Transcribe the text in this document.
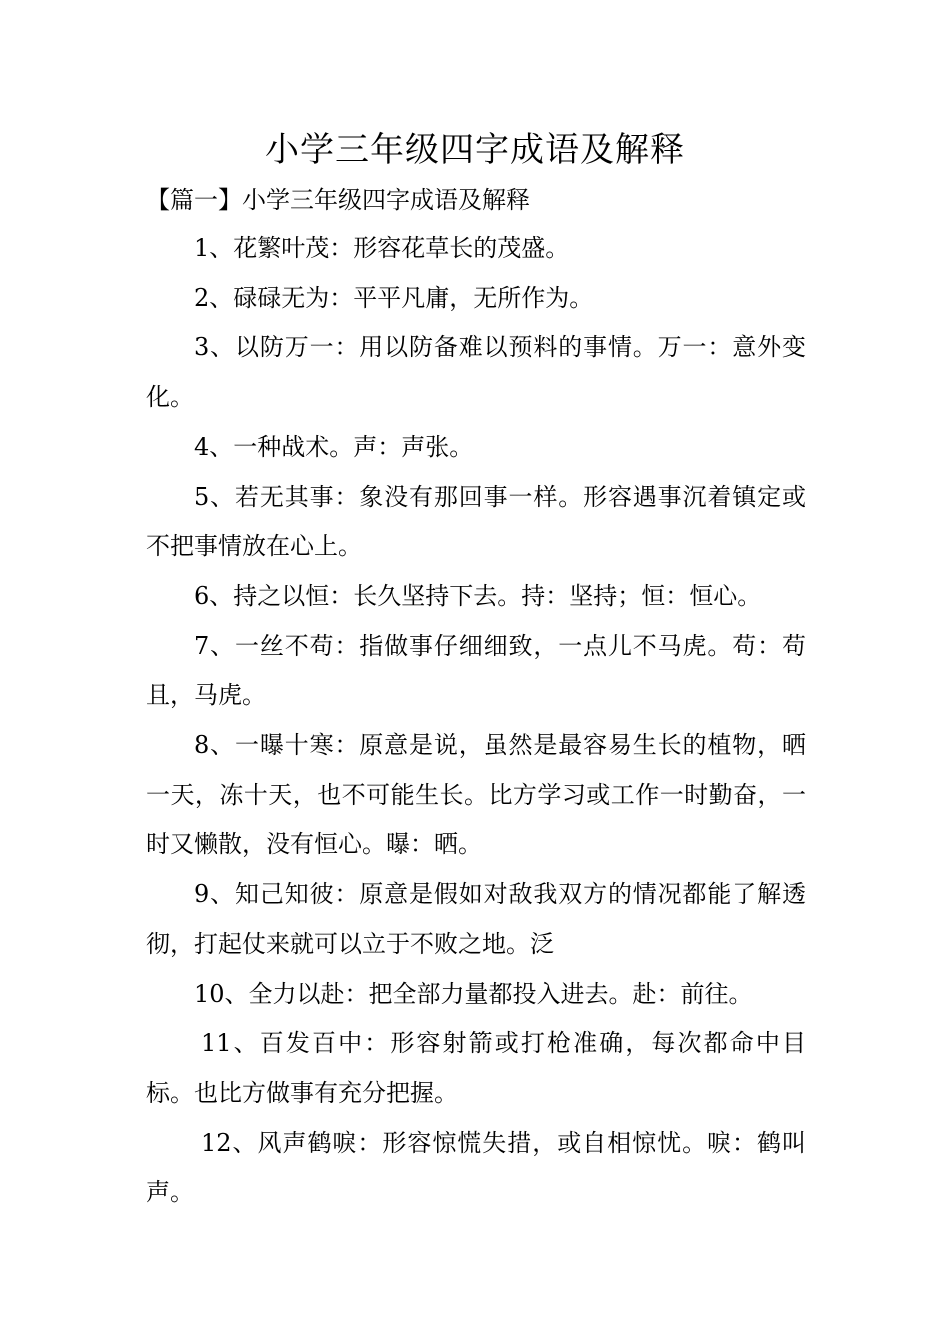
小学三年级四字成语及解释

【篇一】小学三年级四字成语及解释

1、花繁叶茂：形容花草长的茂盛。

2、碌碌无为：平平凡庸，无所作为。

3、以防万一：用以防备难以预料的事情。万一：意外变化。

4、一种战术。声：声张。

5、若无其事：象没有那回事一样。形容遇事沉着镇定或不把事情放在心上。

6、持之以恒：长久坚持下去。持：坚持；恒：恒心。

7、一丝不苟：指做事仔细细致，一点儿不马虎。苟：苟且，马虎。

8、一曝十寒：原意是说，虽然是最容易生长的植物，晒一天，冻十天，也不可能生长。比方学习或工作一时勤奋，一时又懒散，没有恒心。曝：晒。

9、知己知彼：原意是假如对敌我双方的情况都能了解透彻，打起仗来就可以立于不败之地。泛

10、全力以赴：把全部力量都投入进去。赴：前往。

11、百发百中：形容射箭或打枪准确，每次都命中目标。也比方做事有充分把握。

12、风声鹤唳：形容惊慌失措，或自相惊忧。唳：鹤叫声。
